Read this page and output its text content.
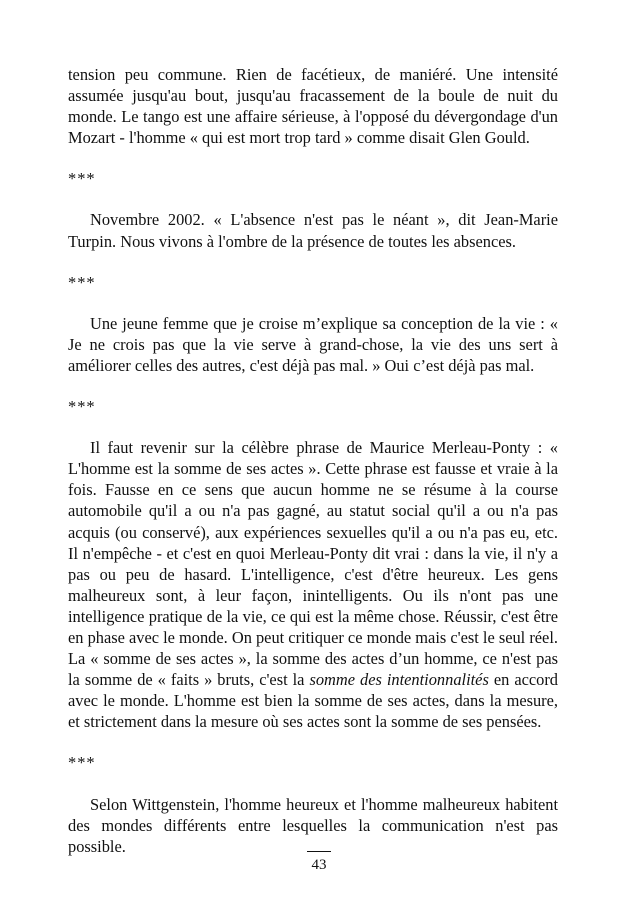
tension peu commune. Rien de facétieux, de maniéré. Une intensité assumée jusqu'au bout, jusqu'au fracassement de la boule de nuit du monde. Le tango est une affaire sérieuse, à l'opposé du dévergondage d'un Mozart - l'homme « qui est mort trop tard » comme disait Glen Gould.

***

Novembre 2002. « L'absence n'est pas le néant », dit Jean-Marie Turpin. Nous vivons à l'ombre de la présence de toutes les absences.

***

Une jeune femme que je croise m’explique sa conception de la vie : « Je ne crois pas que la vie serve à grand-chose, la vie des uns sert à améliorer celles des autres, c'est déjà pas mal. » Oui c’est déjà pas mal.

***

Il faut revenir sur la célèbre phrase de Maurice Merleau-Ponty : « L'homme est la somme de ses actes ». Cette phrase est fausse et vraie à la fois. Fausse en ce sens que aucun homme ne se résume à la course automobile qu'il a ou n'a pas gagné, au statut social qu'il a ou n'a pas acquis (ou conservé), aux expériences sexuelles qu'il a ou n'a pas eu, etc. Il n'empêche - et c'est en quoi Merleau-Ponty dit vrai : dans la vie, il n'y a pas ou peu de hasard. L'intelligence, c'est d'être heureux. Les gens malheureux sont, à leur façon, inintelligents. Ou ils n'ont pas une intelligence pratique de la vie, ce qui est la même chose. Réussir, c'est être en phase avec le monde. On peut critiquer ce monde mais c'est le seul réel. La « somme de ses actes », la somme des actes d’un homme, ce n'est pas la somme de « faits » bruts, c'est la somme des intentionnalités en accord avec le monde. L'homme est bien la somme de ses actes, dans la mesure, et strictement dans la mesure où ses actes sont la somme de ses pensées.

***

Selon Wittgenstein, l'homme heureux et l'homme malheureux habitent des mondes différents entre lesquelles la communication n'est pas possible.

43
